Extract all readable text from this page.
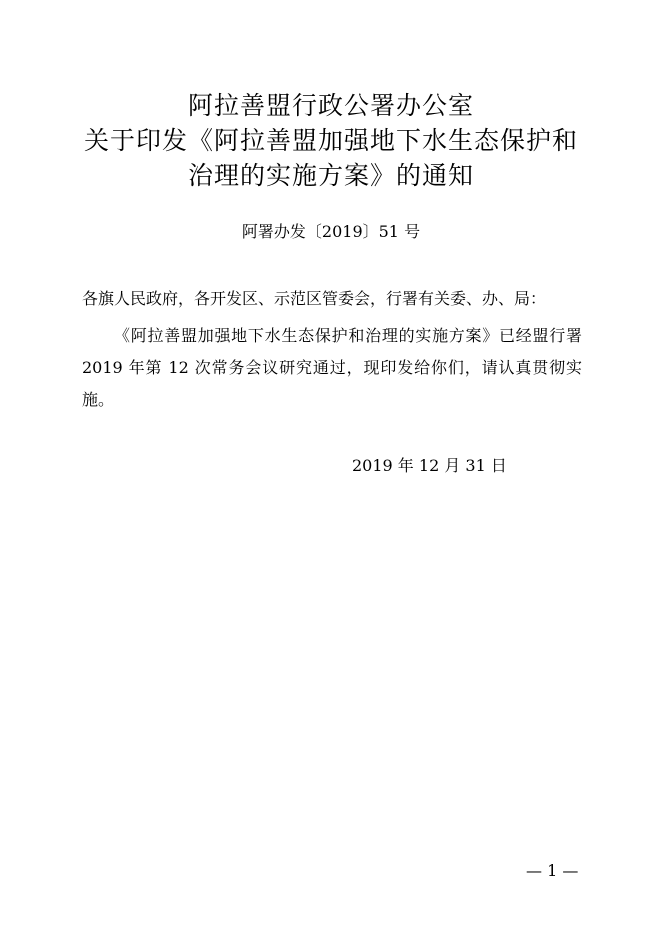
阿拉善盟行政公署办公室
关于印发《阿拉善盟加强地下水生态保护和
治理的实施方案》的通知
阿署办发〔2019〕51 号
各旗人民政府，各开发区、示范区管委会，行署有关委、办、局：
《阿拉善盟加强地下水生态保护和治理的实施方案》已经盟行署 2019 年第 12 次常务会议研究通过，现印发给你们，请认真贯彻实施。
2019 年 12 月 31 日
— 1 —
